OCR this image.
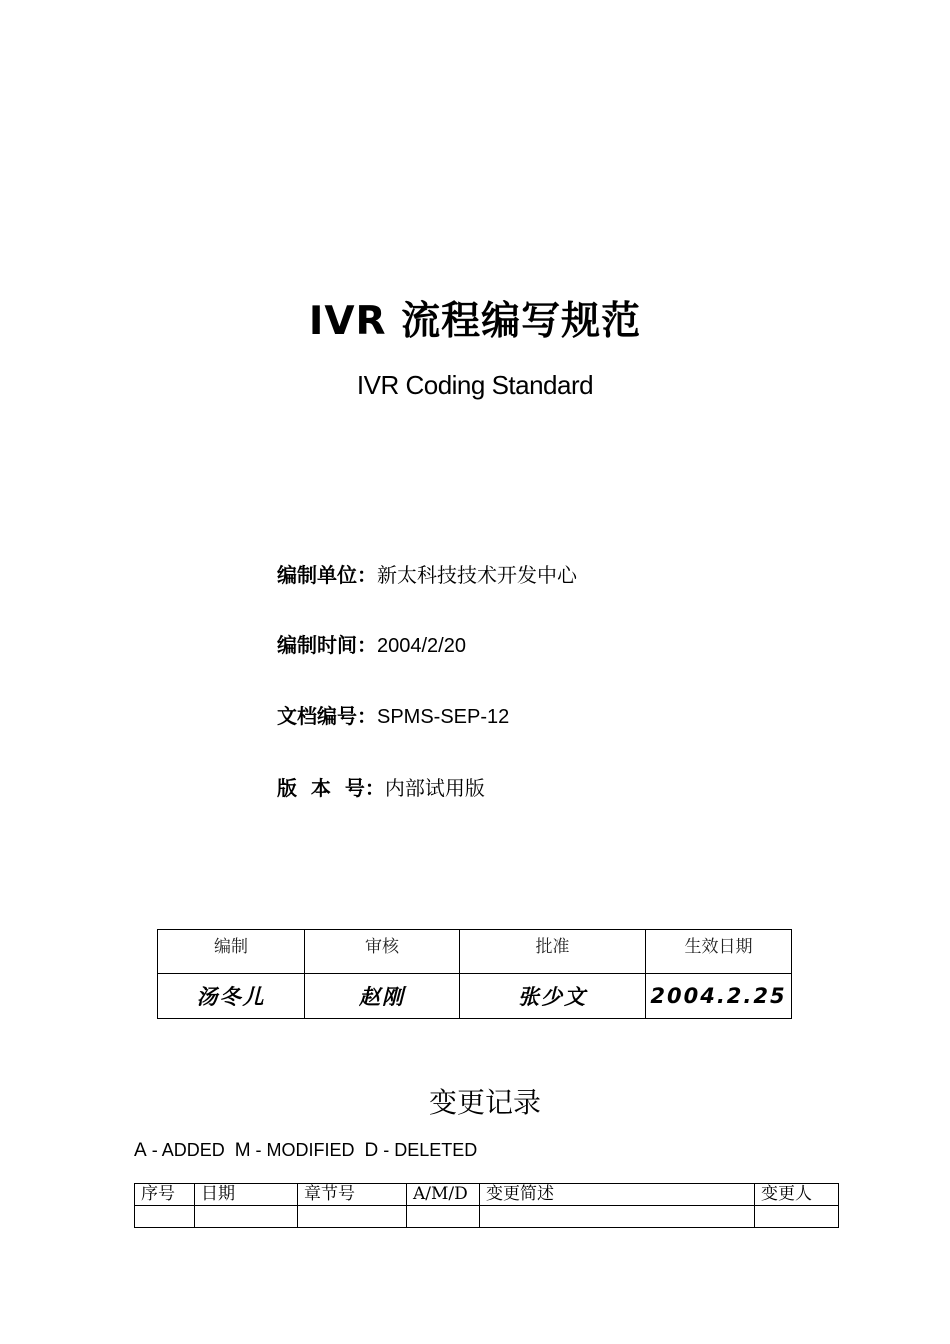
IVR 流程编写规范
IVR Coding Standard
编制单位：新太科技技术开发中心
编制时间：2004/2/20
文档编号：SPMS-SEP-12
版  本  号：内部试用版
编制	审核	批准	生效日期
汤冬儿	赵刚	张少文	2004.2.25
变更记录
A - ADDED  M - MODIFIED  D - DELETED
序号	日期	章节号	A/M/D	变更简述	变更人
